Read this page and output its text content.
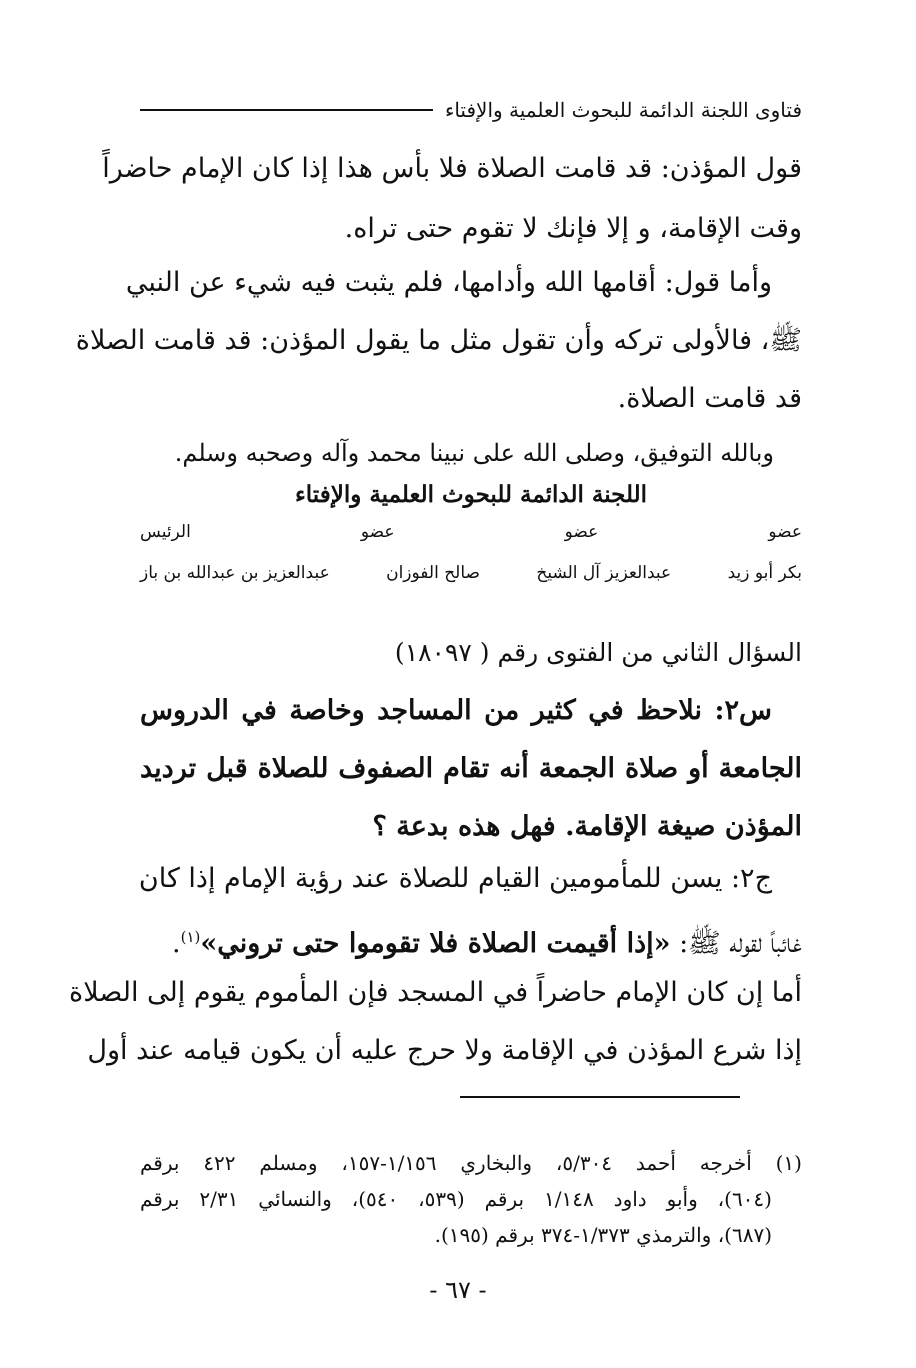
فتاوى اللجنة الدائمة للبحوث العلمية والإفتاء
قول المؤذن: قد قامت الصلاة فلا بأس هذا إذا كان الإمام حاضراً
وقت الإقامة، و إلا فإنك لا تقوم حتى تراه.
وأما قول: أقامها الله وأدامها، فلم يثبت فيه شيء عن النبي
ﷺ، فالأولى تركه وأن تقول مثل ما يقول المؤذن: قد قامت الصلاة
قد قامت الصلاة.
وبالله التوفيق، وصلى الله على نبينا محمد وآله وصحبه وسلم.
اللجنة الدائمة للبحوث العلمية والإفتاء
عضو
عضو
عضو
الرئيس
بكر أبو زيد
عبدالعزيز آل الشيخ
صالح الفوزان
عبدالعزيز بن عبدالله بن باز
السؤال الثاني من الفتوى رقم ( ١٨٠٩٧)
س٢: نلاحظ في كثير من المساجد وخاصة في الدروس
الجامعة أو صلاة الجمعة أنه تقام الصفوف للصلاة قبل ترديد
المؤذن صيغة الإقامة. فهل هذه بدعة ؟
ج٢: يسن للمأمومين القيام للصلاة عند رؤية الإمام إذا كان
غائباً لقوله ﷺ: «إذا أقيمت الصلاة فلا تقوموا حتى تروني»$^{(١)}$.
أما إن كان الإمام حاضراً في المسجد فإن المأموم يقوم إلى الصلاة
إذا شرع المؤذن في الإقامة ولا حرج عليه أن يكون قيامه عند أول
(١) أخرجه أحمد ٥/٣٠٤، والبخاري ١/١٥٦-١٥٧، ومسلم ٤٢٢ برقم
(٦٠٤)، وأبو داود ١/١٤٨ برقم (٥٣٩، ٥٤٠)، والنسائي ٢/٣١ برقم
(٦٨٧)، والترمذي ١/٣٧٣-٣٧٤ برقم (١٩٥).
- ٦٧ -
